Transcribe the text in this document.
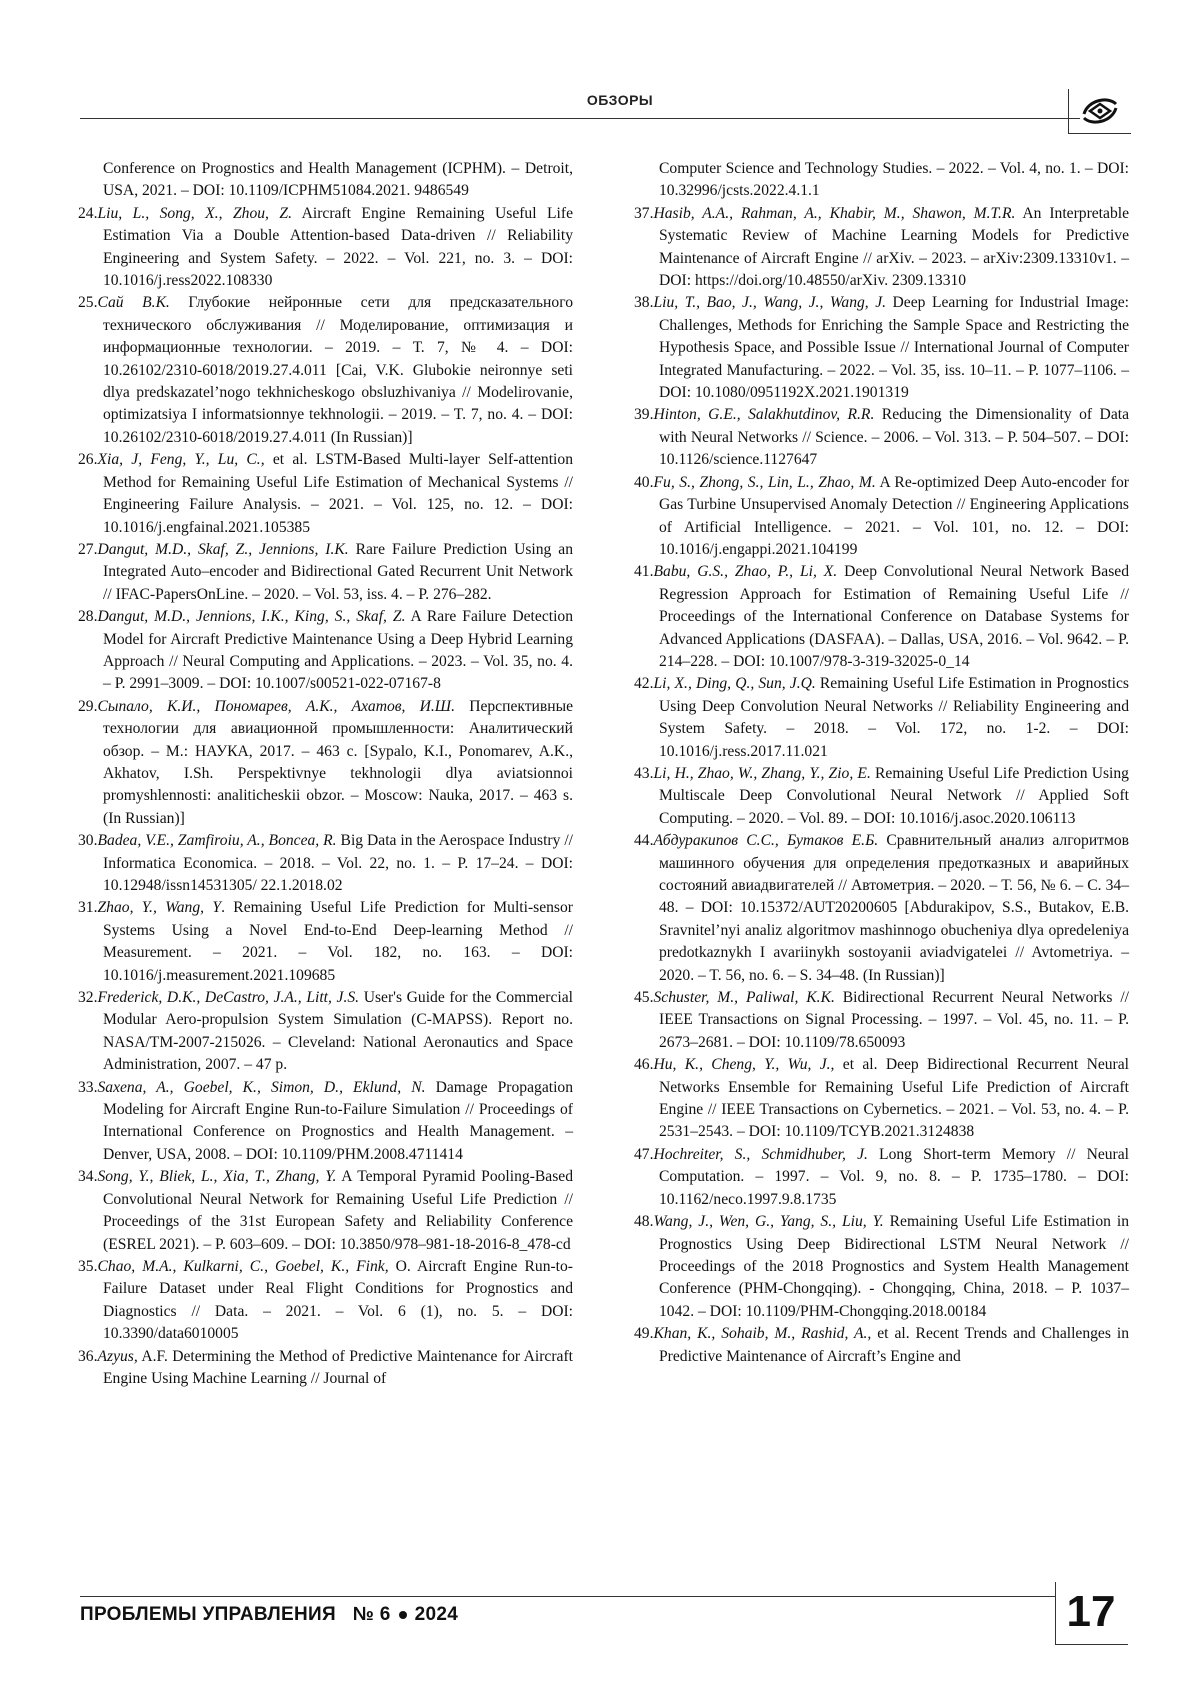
ОБЗОРЫ

Conference on Prognostics and Health Management (ICPHM). – Detroit, USA, 2021. – DOI: 10.1109/ICPHM51084.2021. 9486549

24.Liu, L., Song, X., Zhou, Z. Aircraft Engine Remaining Useful Life Estimation Via a Double Attention-based Data-driven // Reliability Engineering and System Safety. – 2022. – Vol. 221, no. 3. – DOI: 10.1016/j.ress2022.108330

25.Сай В.К. Глубокие нейронные сети для предсказательного технического обслуживания // Моделирование, оптимизация и информационные технологии. – 2019. – Т. 7, № 4. – DOI: 10.26102/2310-6018/2019.27.4.011 [Cai, V.K. Glubokie neironnye seti dlya predskazatel’nogo tekhnicheskogo obsluzhivaniya // Modelirovanie, optimizatsiya I informatsionnye tekhnologii. – 2019. – T. 7, no. 4. – DOI: 10.26102/2310-6018/2019.27.4.011 (In Russian)]

26.Xia, J, Feng, Y., Lu, C., et al. LSTM-Based Multi-layer Self-attention Method for Remaining Useful Life Estimation of Mechanical Systems // Engineering Failure Analysis. – 2021. – Vol. 125, no. 12. – DOI: 10.1016/j.engfainal.2021.105385

27.Dangut, M.D., Skaf, Z., Jennions, I.K. Rare Failure Prediction Using an Integrated Auto–encoder and Bidirectional Gated Recurrent Unit Network // IFAC-PapersOnLine. – 2020. – Vol. 53, iss. 4. – P. 276–282.

28.Dangut, M.D., Jennions, I.K., King, S., Skaf, Z. A Rare Failure Detection Model for Aircraft Predictive Maintenance Using a Deep Hybrid Learning Approach // Neural Computing and Applications. – 2023. – Vol. 35, no. 4. – P. 2991–3009. – DOI: 10.1007/s00521-022-07167-8

29.Сыпало, К.И., Пономарев, А.К., Ахатов, И.Ш. Перспективные технологии для авиационной промышленности: Аналитический обзор. – М.: НАУКА, 2017. – 463 с. [Sypalo, K.I., Ponomarev, A.K., Akhatov, I.Sh. Perspektivnye tekhnologii dlya aviatsionnoi promyshlennosti: analiticheskii obzor. – Moscow: Nauka, 2017. – 463 s. (In Russian)]

30.Badea, V.E., Zamfiroiu, A., Boncea, R. Big Data in the Aerospace Industry // Informatica Economica. – 2018. – Vol. 22, no. 1. – P. 17–24. – DOI: 10.12948/issn14531305/ 22.1.2018.02

31.Zhao, Y., Wang, Y. Remaining Useful Life Prediction for Multi-sensor Systems Using a Novel End-to-End Deep-learning Method // Measurement. – 2021. – Vol. 182, no. 163. – DOI: 10.1016/j.measurement.2021.109685

32.Frederick, D.K., DeCastro, J.A., Litt, J.S. User's Guide for the Commercial Modular Aero-propulsion System Simulation (C-MAPSS). Report no. NASA/TM-2007-215026. – Cleveland: National Aeronautics and Space Administration, 2007. – 47 p.

33.Saxena, A., Goebel, K., Simon, D., Eklund, N. Damage Propagation Modeling for Aircraft Engine Run-to-Failure Simulation // Proceedings of International Conference on Prognostics and Health Management. – Denver, USA, 2008. – DOI: 10.1109/PHM.2008.4711414

34.Song, Y., Bliek, L., Xia, T., Zhang, Y. A Temporal Pyramid Pooling-Based Convolutional Neural Network for Remaining Useful Life Prediction // Proceedings of the 31st European Safety and Reliability Conference (ESREL 2021). – P. 603–609. – DOI: 10.3850/978–981-18-2016-8_478-cd

35.Chao, M.A., Kulkarni, C., Goebel, K., Fink, O. Aircraft Engine Run-to-Failure Dataset under Real Flight Conditions for Prognostics and Diagnostics // Data. – 2021. – Vol. 6 (1), no. 5. – DOI: 10.3390/data6010005

36.Azyus, A.F. Determining the Method of Predictive Maintenance for Aircraft Engine Using Machine Learning // Journal of

Computer Science and Technology Studies. – 2022. – Vol. 4, no. 1. – DOI: 10.32996/jcsts.2022.4.1.1

37.Hasib, A.A., Rahman, A., Khabir, M., Shawon, M.T.R. An Interpretable Systematic Review of Machine Learning Models for Predictive Maintenance of Aircraft Engine // arXiv. – 2023. – arXiv:2309.13310v1. – DOI: https://doi.org/10.48550/arXiv. 2309.13310

38.Liu, T., Bao, J., Wang, J., Wang, J. Deep Learning for Industrial Image: Challenges, Methods for Enriching the Sample Space and Restricting the Hypothesis Space, and Possible Issue // International Journal of Computer Integrated Manufacturing. – 2022. – Vol. 35, iss. 10–11. – P. 1077–1106. – DOI: 10.1080/0951192X.2021.1901319

39.Hinton, G.E., Salakhutdinov, R.R. Reducing the Dimensionality of Data with Neural Networks // Science. – 2006. – Vol. 313. – P. 504–507. – DOI: 10.1126/science.1127647

40.Fu, S., Zhong, S., Lin, L., Zhao, M. A Re-optimized Deep Auto-encoder for Gas Turbine Unsupervised Anomaly Detection // Engineering Applications of Artificial Intelligence. – 2021. – Vol. 101, no. 12. – DOI: 10.1016/j.engappi.2021.104199

41.Babu, G.S., Zhao, P., Li, X. Deep Convolutional Neural Network Based Regression Approach for Estimation of Remaining Useful Life // Proceedings of the International Conference on Database Systems for Advanced Applications (DASFAA). – Dallas, USA, 2016. – Vol. 9642. – P. 214–228. – DOI: 10.1007/978-3-319-32025-0_14

42.Li, X., Ding, Q., Sun, J.Q. Remaining Useful Life Estimation in Prognostics Using Deep Convolution Neural Networks // Reliability Engineering and System Safety. – 2018. – Vol. 172, no. 1-2. – DOI: 10.1016/j.ress.2017.11.021

43.Li, H., Zhao, W., Zhang, Y., Zio, E. Remaining Useful Life Prediction Using Multiscale Deep Convolutional Neural Network // Applied Soft Computing. – 2020. – Vol. 89. – DOI: 10.1016/j.asoc.2020.106113

44.Абдуракипов С.С., Бутаков Е.Б. Сравнительный анализ алгоритмов машинного обучения для определения предотказных и аварийных состояний авиадвигателей // Автометрия. – 2020. – Т. 56, № 6. – С. 34–48. – DOI: 10.15372/AUT20200605 [Abdurakipov, S.S., Butakov, E.B. Sravnitel’nyi analiz algoritmov mashinnogo obucheniya dlya opredeleniya predotkaznykh I avariinykh sostoyanii aviadvigatelei // Avtometriya. – 2020. – T. 56, no. 6. – S. 34–48. (In Russian)]

45.Schuster, M., Paliwal, K.K. Bidirectional Recurrent Neural Networks // IEEE Transactions on Signal Processing. – 1997. – Vol. 45, no. 11. – P. 2673–2681. – DOI: 10.1109/78.650093

46.Hu, K., Cheng, Y., Wu, J., et al. Deep Bidirectional Recurrent Neural Networks Ensemble for Remaining Useful Life Prediction of Aircraft Engine // IEEE Transactions on Cybernetics. – 2021. – Vol. 53, no. 4. – P. 2531–2543. – DOI: 10.1109/TCYB.2021.3124838

47.Hochreiter, S., Schmidhuber, J. Long Short-term Memory // Neural Computation. – 1997. – Vol. 9, no. 8. – P. 1735–1780. – DOI: 10.1162/neco.1997.9.8.1735

48.Wang, J., Wen, G., Yang, S., Liu, Y. Remaining Useful Life Estimation in Prognostics Using Deep Bidirectional LSTM Neural Network // Proceedings of the 2018 Prognostics and System Health Management Conference (PHM-Chongqing). - Chongqing, China, 2018. – P. 1037–1042. – DOI: 10.1109/PHM-Chongqing.2018.00184

49.Khan, K., Sohaib, M., Rashid, A., et al. Recent Trends and Challenges in Predictive Maintenance of Aircraft’s Engine and

ПРОБЛЕМЫ УПРАВЛЕНИЯ № 6 2024	17
